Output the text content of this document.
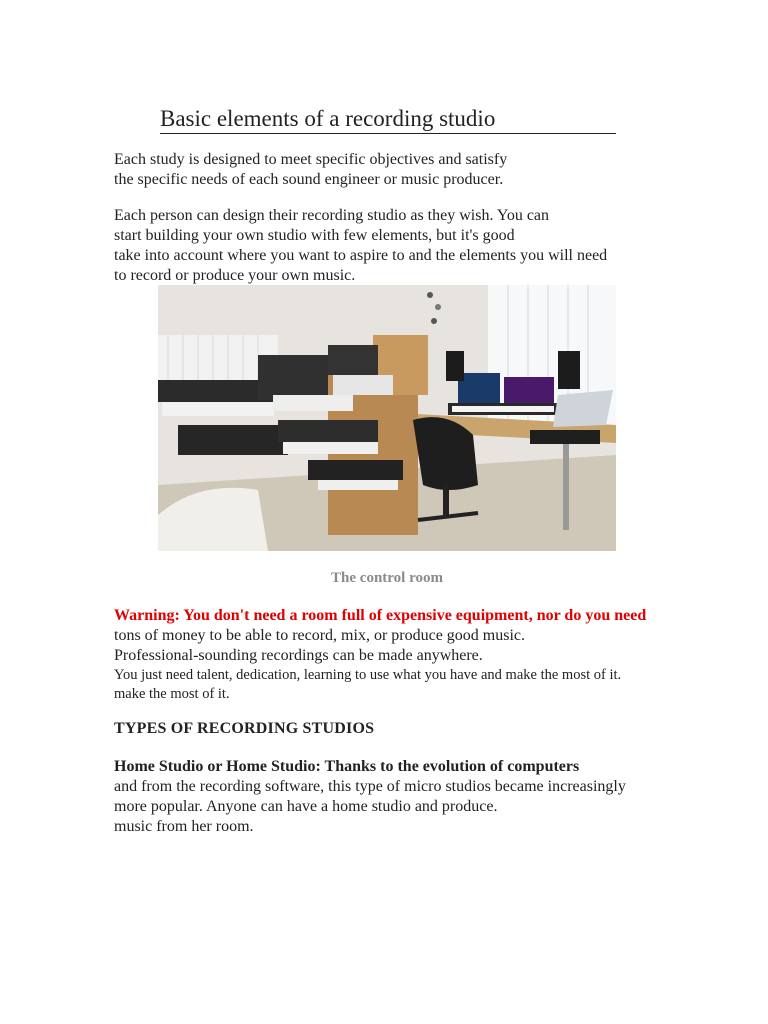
Basic elements of a recording studio

Each study is designed to meet specific objectives and satisfy
the specific needs of each sound engineer or music producer.

Each person can design their recording studio as they wish. You can
start building your own studio with few elements, but it's good
take into account where you want to aspire to and the elements you will need
to record or produce your own music.

The control room

Warning: You don't need a room full of expensive equipment, nor do you need
tons of money to be able to record, mix, or produce good music.
Professional-sounding recordings can be made anywhere.
You just need talent, dedication, learning to use what you have and make the most of it.
make the most of it.

TYPES OF RECORDING STUDIOS

Home Studio or Home Studio: Thanks to the evolution of computers
and from the recording software, this type of micro studios became increasingly
more popular. Anyone can have a home studio and produce.
music from her room.
